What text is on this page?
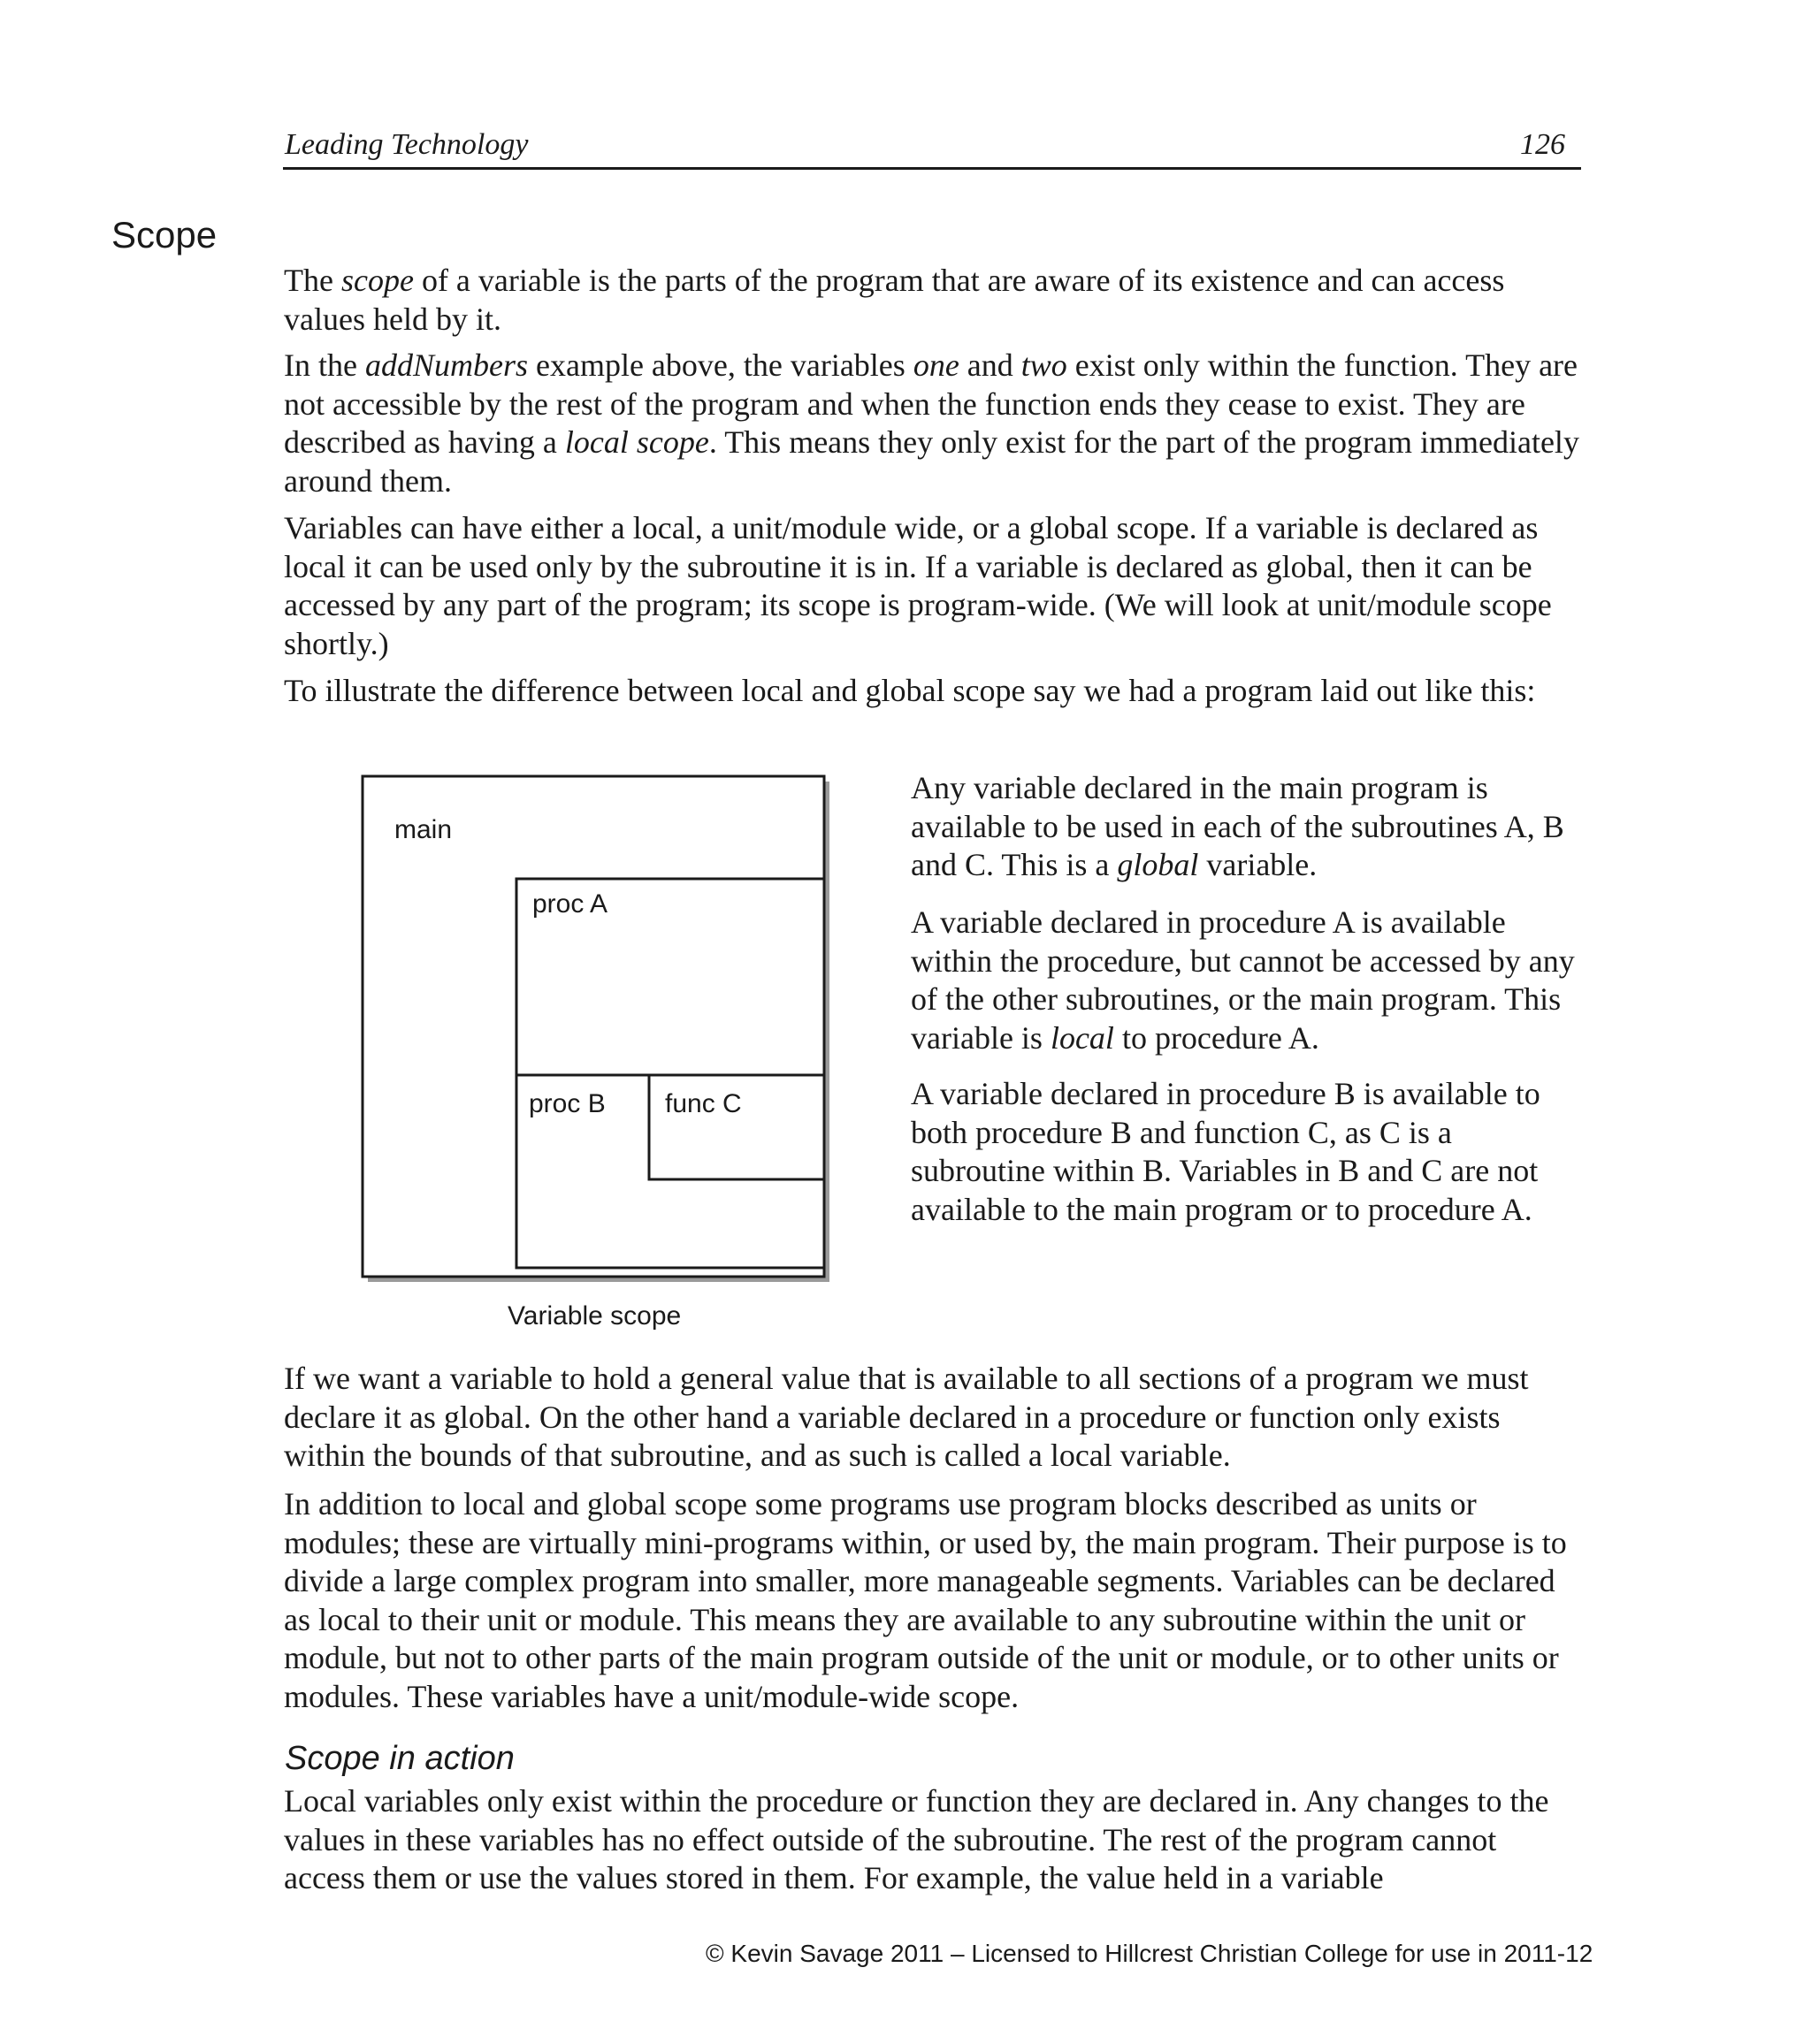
Leading Technology	126
Scope

The scope of a variable is the parts of the program that are aware of its existence and can access values held by it.

In the addNumbers example above, the variables one and two exist only within the function. They are not accessible by the rest of the program and when the function ends they cease to exist. They are described as having a local scope. This means they only exist for the part of the program immediately around them.

Variables can have either a local, a unit/module wide, or a global scope. If a variable is declared as local it can be used only by the subroutine it is in. If a variable is declared as global, then it can be accessed by any part of the program; its scope is program-wide. (We will look at unit/module scope shortly.)

To illustrate the difference between local and global scope say we had a program laid out like this:

main
proc A
proc B func C
Variable scope

Any variable declared in the main program is available to be used in each of the subroutines A, B and C. This is a global variable.

A variable declared in procedure A is available within the procedure, but cannot be accessed by any of the other subroutines, or the main program. This variable is local to procedure A.

A variable declared in procedure B is available to both procedure B and function C, as C is a subroutine within B. Variables in B and C are not available to the main program or to procedure A.

If we want a variable to hold a general value that is available to all sections of a program we must declare it as global. On the other hand a variable declared in a procedure or function only exists within the bounds of that subroutine, and as such is called a local variable.

In addition to local and global scope some programs use program blocks described as units or modules; these are virtually mini-programs within, or used by, the main program. Their purpose is to divide a large complex program into smaller, more manageable segments. Variables can be declared as local to their unit or module. This means they are available to any subroutine within the unit or module, but not to other parts of the main program outside of the unit or module, or to other units or modules. These variables have a unit/module-wide scope.

Scope in action

Local variables only exist within the procedure or function they are declared in. Any changes to the values in these variables has no effect outside of the subroutine. The rest of the program cannot access them or use the values stored in them. For example, the value held in a variable

© Kevin Savage 2011 – Licensed to Hillcrest Christian College for use in 2011-12
